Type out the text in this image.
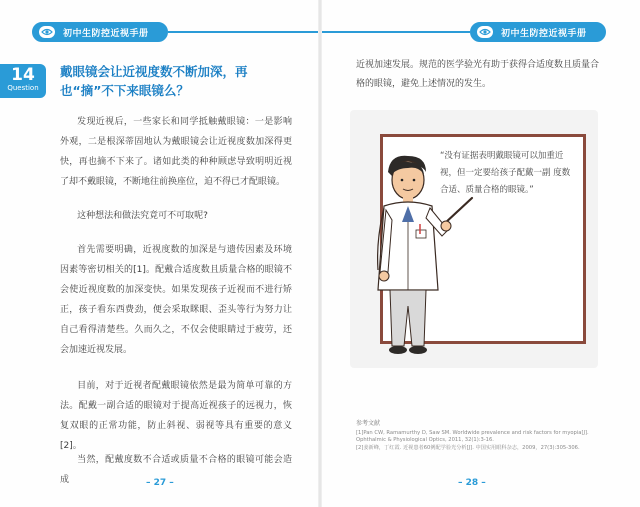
初中生防控近视手册	初中生防控近视手册
14
Question
戴眼镜会让近视度数不断加深，再也“摘”不下来眼镜么？

发现近视后，一些家长和同学抵触戴眼镜：一是影响外观，二是根深蒂固地认为戴眼镜会让近视度数加深得更快，再也摘不下来了。诸如此类的种种顾虑导致明明近视了却不戴眼镜，不断地往前换座位，迫不得已才配眼镜。

这种想法和做法究竟可不可取呢?

首先需要明确，近视度数的加深是与遗传因素及环境因素等密切相关的[1]。配戴合适度数且质量合格的眼镜不会使近视度数的加深变快。如果发现孩子近视而不进行矫正，孩子看东西费劲，便会采取眯眼、歪头等行为努力让自己看得清楚些。久而久之，不仅会使眼睛过于疲劳，还会加速近视发展。

目前，对于近视者配戴眼镜依然是最为简单可靠的方法。配戴一副合适的眼镜对于提高近视孩子的远视力，恢复双眼的正常功能，防止斜视、弱视等具有重要的意义[2]。

当然，配戴度数不合适或质量不合格的眼镜可能会造成	– 27 –

近视加速发展。规范的医学验光有助于获得合适度数且质量合格的眼镜，避免上述情况的发生。

“没有证据表明戴眼镜可以加重近视，但一定要给孩子配戴一副 度数合适、质量合格的眼镜。”
参考文献

[1]Pan CW, Ramamurthy D, Saw SM. Worldwide prevalence and risk factors for myopia[J]. Ophthalmic & Physiological Optics, 2011, 32(1):3-16.

[2]姜新峰，丁红霞. 近视患者60例配学验光分析[J]. 中国实用眼科杂志，2009，27(3):305-306.

– 28 –
